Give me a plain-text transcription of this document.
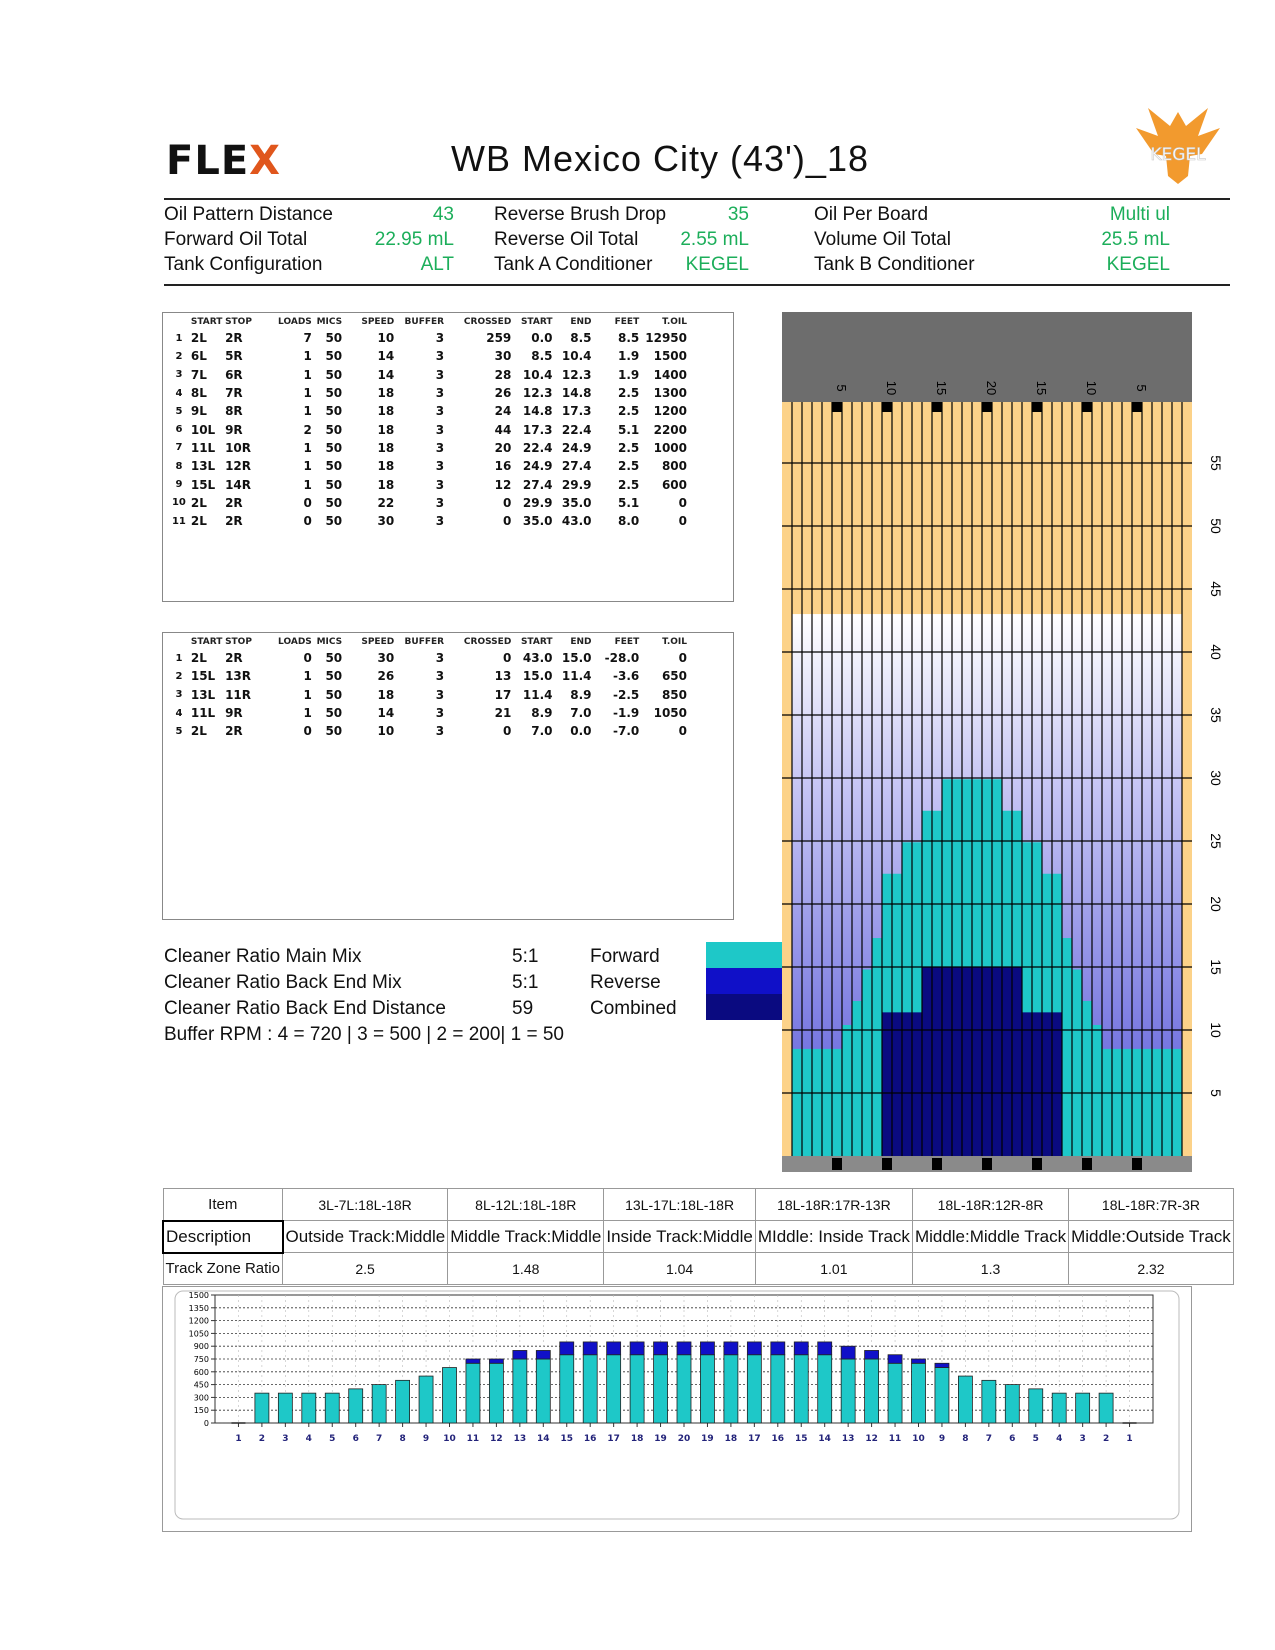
FLEX	WB Mexico City (43')_18	KEGEL
Oil Pattern Distance	43 Reverse Brush Drop	35	Oil Per Board	Multi ul
Forward Oil Total	22.95 mL Reverse Oil Total	2.55 mL	Volume Oil Total	25.5 mL
Tank Configuration	ALT Tank A Conditioner	KEGEL	Tank B Conditioner	KEGEL
	START	STOP	LOADS	MICS	SPEED	BUFFER	CROSSED	START	END	FEET	T.OIL
1	2L	2R	7	50	10	3	259	0.0	8.5	8.5	12950
2	6L	5R	1	50	14	3	30	8.5	10.4	1.9	1500
3	7L	6R	1	50	14	3	28	10.4	12.3	1.9	1400
4	8L	7R	1	50	18	3	26	12.3	14.8	2.5	1300
5	9L	8R	1	50	18	3	24	14.8	17.3	2.5	1200
6	10L	9R	2	50	18	3	44	17.3	22.4	5.1	2200
7	11L	10R	1	50	18	3	20	22.4	24.9	2.5	1000
8	13L	12R	1	50	18	3	16	24.9	27.4	2.5	800
9	15L	14R	1	50	18	3	12	27.4	29.9	2.5	600
10	2L	2R	0	50	22	3	0	29.9	35.0	5.1	0
11	2L	2R	0	50	30	3	0	35.0	43.0	8.0	0
	START	STOP	LOADS	MICS	SPEED	BUFFER	CROSSED	START	END	FEET	T.OIL
1	2L	2R	0	50	30	3	0	43.0	15.0	-28.0	0
2	15L	13R	1	50	26	3	13	15.0	11.4	-3.6	650
3	13L	11R	1	50	18	3	17	11.4	8.9	-2.5	850
4	11L	9R	1	50	14	3	21	8.9	7.0	-1.9	1050
5	2L	2R	0	50	10	3	0	7.0	0.0	-7.0	0
Cleaner Ratio Main Mix	5:1
Cleaner Ratio Back End Mix	5:1
Cleaner Ratio Back End Distance	59
Buffer RPM : 4 = 720 | 3 = 500 | 2 = 200| 1 = 50
Forward
Reverse
Combined
55
50
45
40
35
30
25
20
15
10
5
5	10	15	20	15	10	5
Item	3L-7L:18L-18R	8L-12L:18L-18R	13L-17L:18L-18R	18L-18R:17R-13R	18L-18R:12R-8R	18L-18R:7R-3R
Description	Outside Track:Middle	Middle Track:Middle	Inside Track:Middle	MIddle: Inside Track	Middle:Middle Track	Middle:Outside Track
Track Zone Ratio	2.5	1.48	1.04	1.01	1.3	2.32
0
150
300
450
600
750
900
1050
1200
1350
1500
1 2 3 4 5 6 7 8 9 10 11 12 13 14 15 16 17 18 19 20 19 18 17 16 15 14 13 12 11 10 9 8 7 6 5 4 3 2 1
